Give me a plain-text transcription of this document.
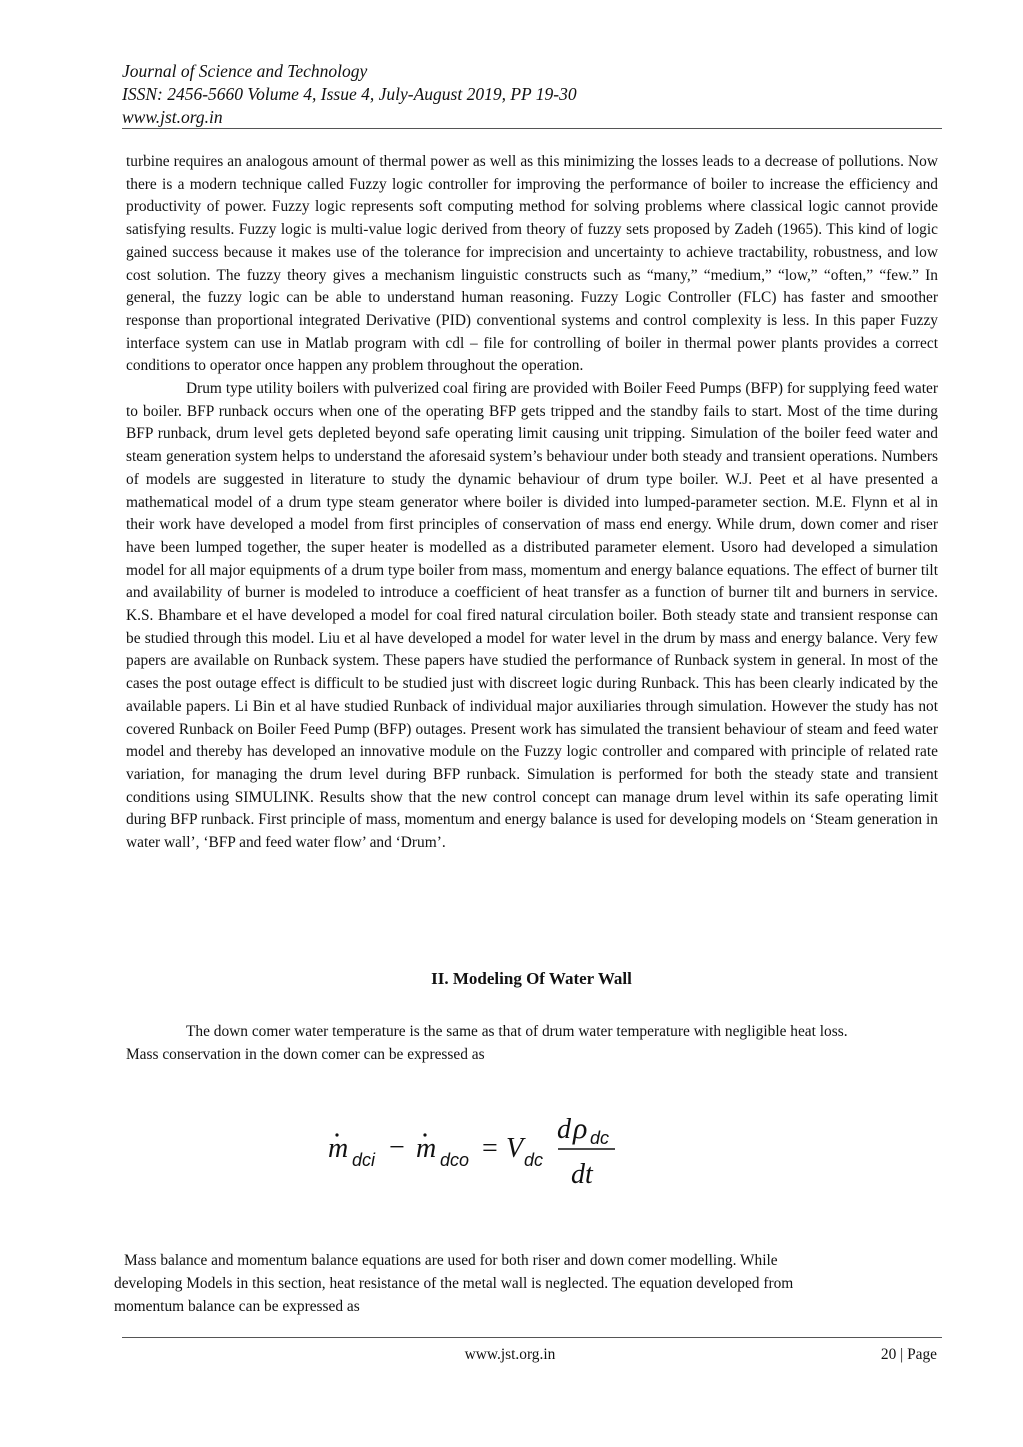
Journal of Science and Technology
ISSN: 2456-5660 Volume 4, Issue 4, July-August 2019, PP 19-30
www.jst.org.in

turbine requires an analogous amount of thermal power as well as this minimizing the losses leads to a decrease of pollutions. Now there is a modern technique called Fuzzy logic controller for improving the performance of boiler to increase the efficiency and productivity of power. Fuzzy logic represents soft computing method for solving problems where classical logic cannot provide satisfying results. Fuzzy logic is multi-value logic derived from theory of fuzzy sets proposed by Zadeh (1965). This kind of logic gained success because it makes use of the tolerance for imprecision and uncertainty to achieve tractability, robustness, and low cost solution. The fuzzy theory gives a mechanism linguistic constructs such as “many,” “medium,” “low,” “often,” “few.” In general, the fuzzy logic can be able to understand human reasoning. Fuzzy Logic Controller (FLC) has faster and smoother response than proportional integrated Derivative (PID) conventional systems and control complexity is less. In this paper Fuzzy interface system can use in Matlab program with cdl – file for controlling of boiler in thermal power plants provides a correct conditions to operator once happen any problem throughout the operation.

Drum type utility boilers with pulverized coal firing are provided with Boiler Feed Pumps (BFP) for supplying feed water to boiler. BFP runback occurs when one of the operating BFP gets tripped and the standby fails to start. Most of the time during BFP runback, drum level gets depleted beyond safe operating limit causing unit tripping. Simulation of the boiler feed water and steam generation system helps to understand the aforesaid system’s behaviour under both steady and transient operations. Numbers of models are suggested in literature to study the dynamic behaviour of drum type boiler. W.J. Peet et al have presented a mathematical model of a drum type steam generator where boiler is divided into lumped-parameter section. M.E. Flynn et al in their work have developed a model from first principles of conservation of mass end energy. While drum, down comer and riser have been lumped together, the super heater is modelled as a distributed parameter element. Usoro had developed a simulation model for all major equipments of a drum type boiler from mass, momentum and energy balance equations. The effect of burner tilt and availability of burner is modeled to introduce a coefficient of heat transfer as a function of burner tilt and burners in service. K.S. Bhambare et el have developed a model for coal fired natural circulation boiler. Both steady state and transient response can be studied through this model. Liu et al have developed a model for water level in the drum by mass and energy balance. Very few papers are available on Runback system. These papers have studied the performance of Runback system in general. In most of the cases the post outage effect is difficult to be studied just with discreet logic during Runback. This has been clearly indicated by the available papers. Li Bin et al have studied Runback of individual major auxiliaries through simulation. However the study has not covered Runback on Boiler Feed Pump (BFP) outages. Present work has simulated the transient behaviour of steam and feed water model and thereby has developed an innovative module on the Fuzzy logic controller and compared with principle of related rate variation, for managing the drum level during BFP runback. Simulation is performed for both the steady state and transient conditions using SIMULINK. Results show that the new control concept can manage drum level within its safe operating limit during BFP runback. First principle of mass, momentum and energy balance is used for developing models on ‘Steam generation in water wall’, ‘BFP and feed water flow’ and ‘Drum’.

II. Modeling Of Water Wall
The down comer water temperature is the same as that of drum water temperature with negligible heat loss.
Mass conservation in the down comer can be expressed as
m dci − m dco = V dc
d ρ dc
dt
Mass balance and momentum balance equations are used for both riser and down comer modelling. While
developing Models in this section, heat resistance of the metal wall is neglected. The equation developed from
momentum balance can be expressed as
www.jst.org.in	20 | Page
